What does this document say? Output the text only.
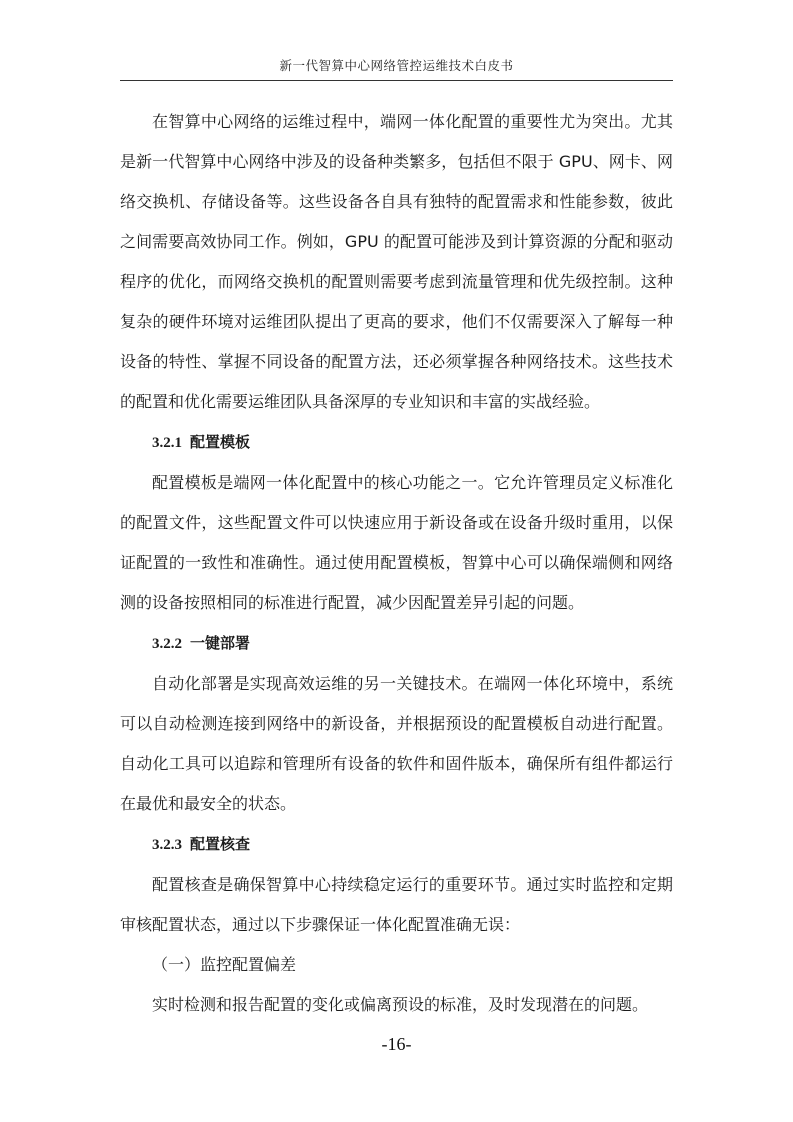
新一代智算中心网络管控运维技术白皮书

在智算中心网络的运维过程中，端网一体化配置的重要性尤为突出。尤其是新一代智算中心网络中涉及的设备种类繁多，包括但不限于 GPU、网卡、网络交换机、存储设备等。这些设备各自具有独特的配置需求和性能参数，彼此之间需要高效协同工作。例如，GPU 的配置可能涉及到计算资源的分配和驱动程序的优化，而网络交换机的配置则需要考虑到流量管理和优先级控制。这种复杂的硬件环境对运维团队提出了更高的要求，他们不仅需要深入了解每一种设备的特性、掌握不同设备的配置方法，还必须掌握各种网络技术。这些技术的配置和优化需要运维团队具备深厚的专业知识和丰富的实战经验。

3.2.1 配置模板

配置模板是端网一体化配置中的核心功能之一。它允许管理员定义标准化的配置文件，这些配置文件可以快速应用于新设备或在设备升级时重用，以保证配置的一致性和准确性。通过使用配置模板，智算中心可以确保端侧和网络测的设备按照相同的标准进行配置，减少因配置差异引起的问题。

3.2.2 一键部署

自动化部署是实现高效运维的另一关键技术。在端网一体化环境中，系统可以自动检测连接到网络中的新设备，并根据预设的配置模板自动进行配置。自动化工具可以追踪和管理所有设备的软件和固件版本，确保所有组件都运行在最优和最安全的状态。

3.2.3 配置核查

配置核查是确保智算中心持续稳定运行的重要环节。通过实时监控和定期审核配置状态，通过以下步骤保证一体化配置准确无误：

（一）监控配置偏差

实时检测和报告配置的变化或偏离预设的标准，及时发现潜在的问题。

-16-
